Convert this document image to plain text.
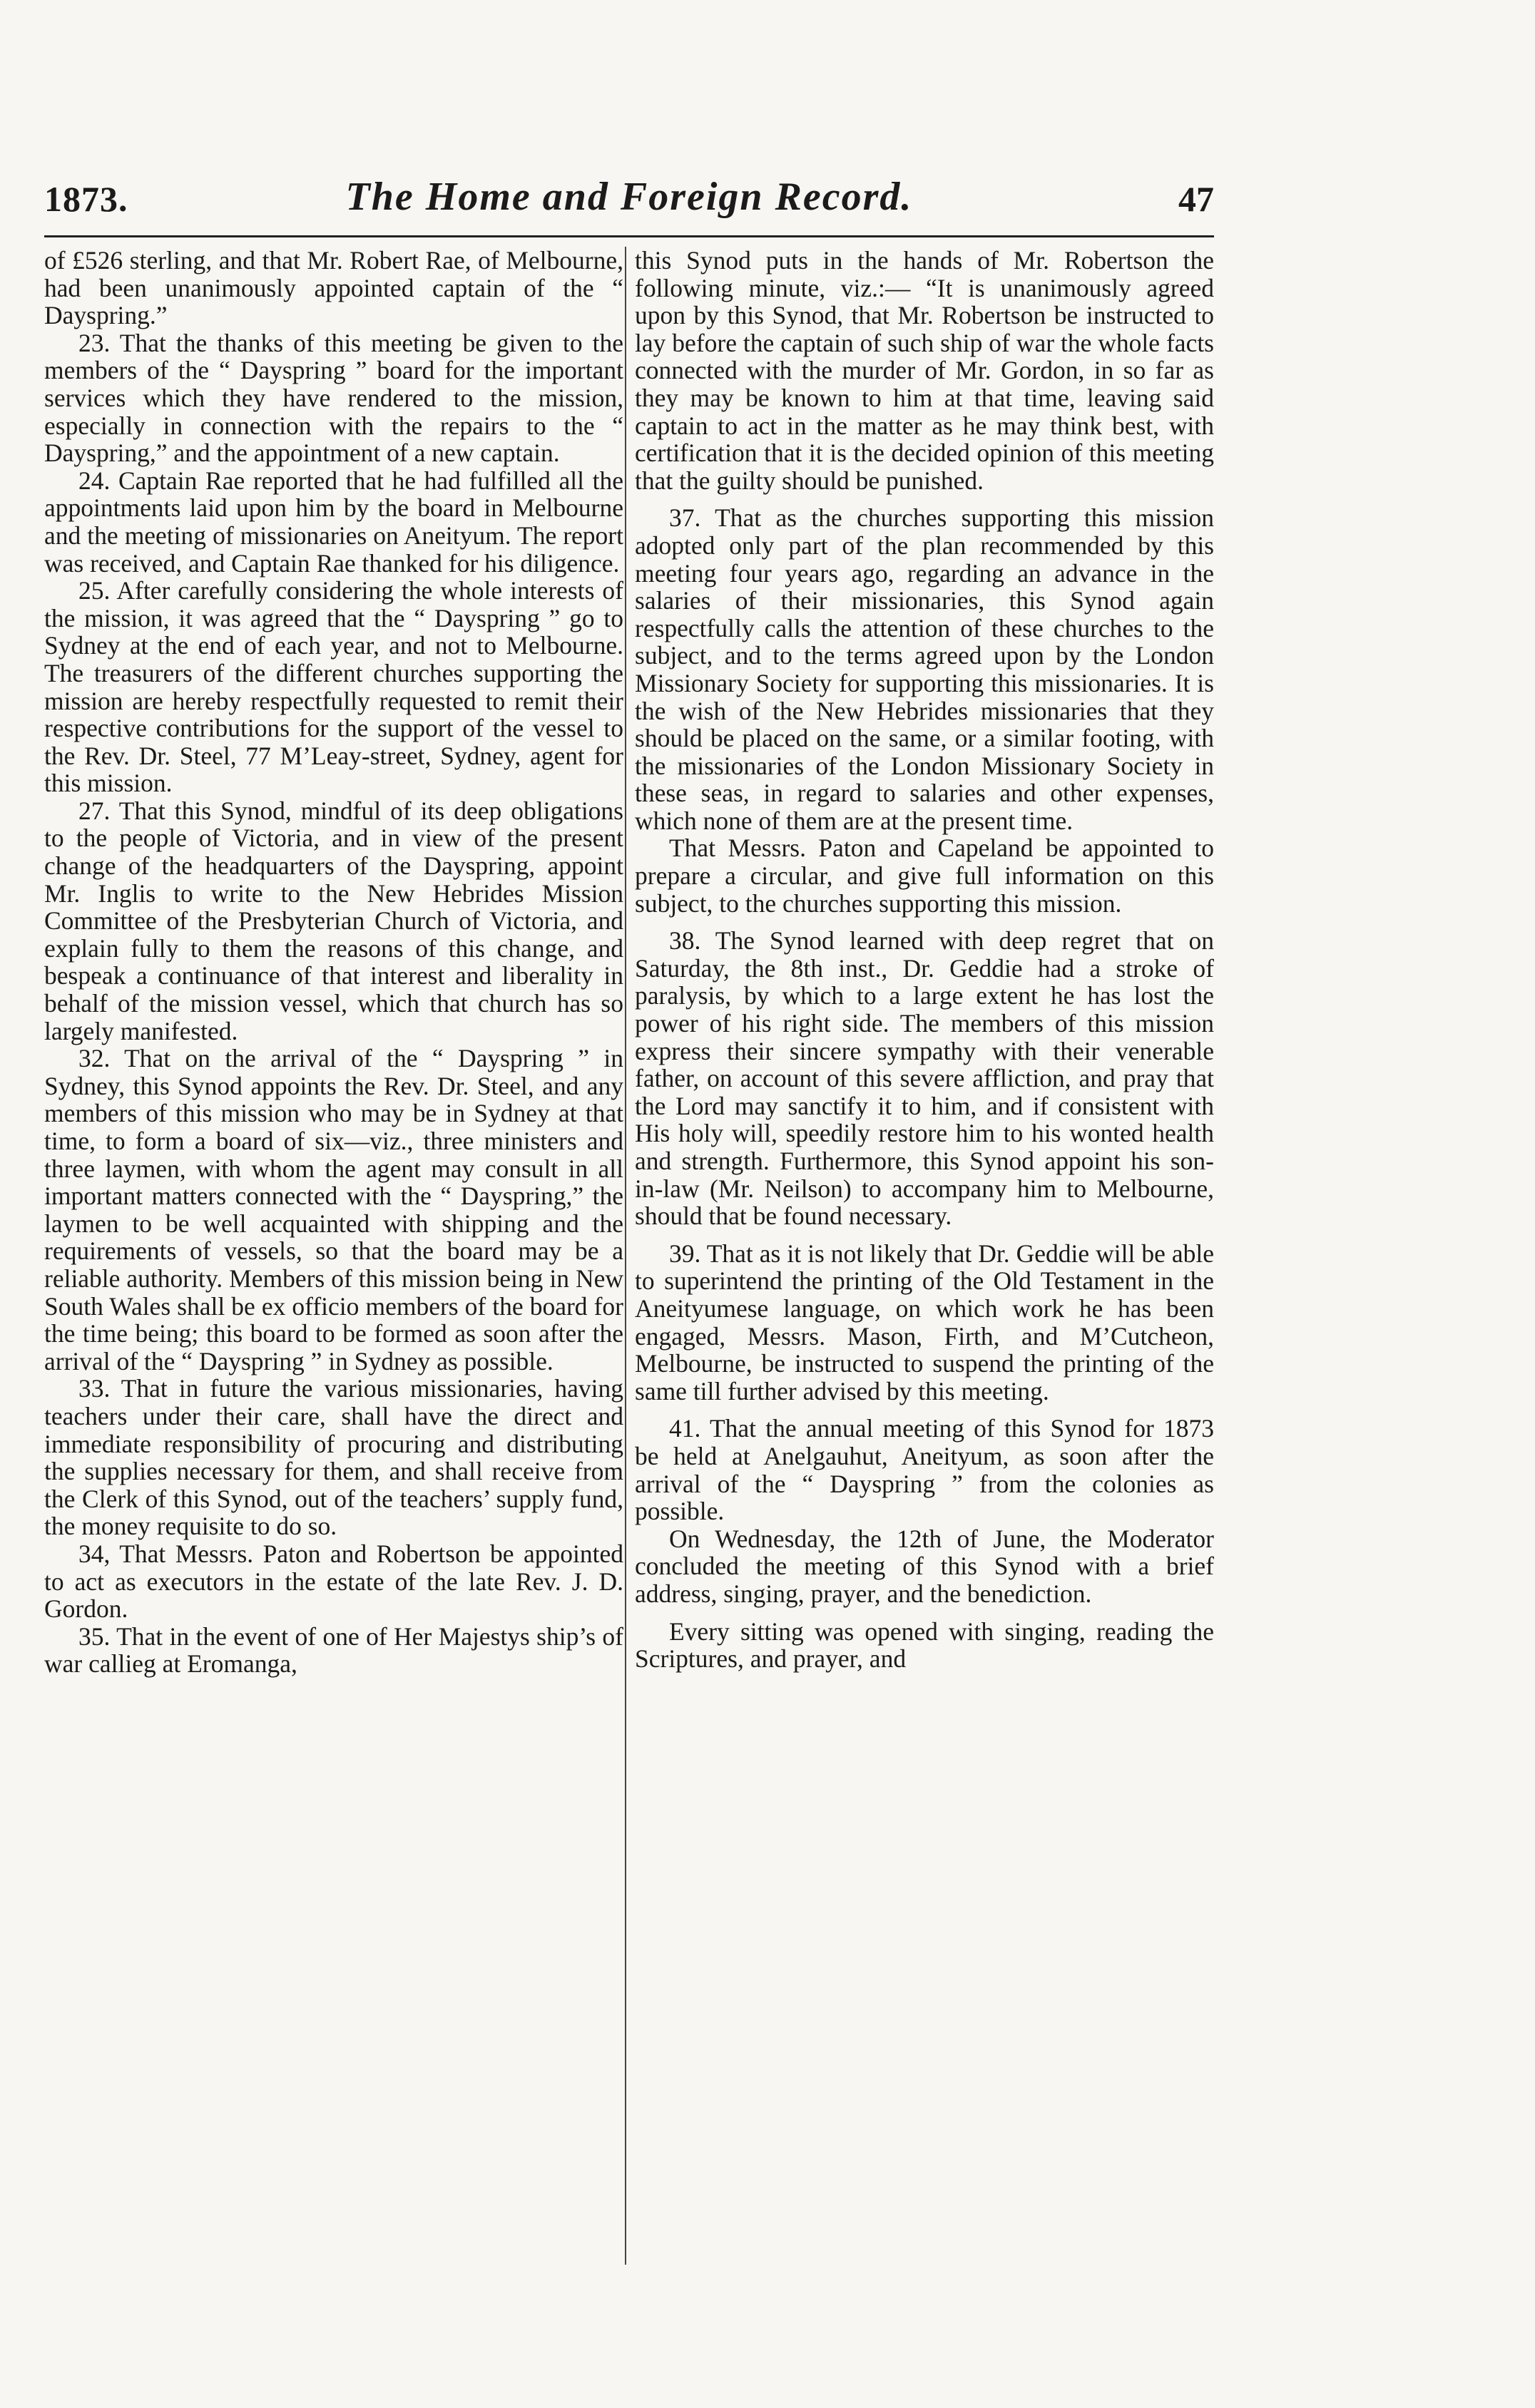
1873.	The Home and Foreign Record.	47

of £526 sterling, and that Mr. Robert Rae, of Melbourne, had been unanimously appointed captain of the “ Dayspring.”

23. That the thanks of this meeting be given to the members of the “ Dayspring ” board for the important services which they have rendered to the mission, especially in connection with the repairs to the “ Dayspring,” and the appointment of a new captain.

24. Captain Rae reported that he had fulfilled all the appointments laid upon him by the board in Melbourne and the meeting of missionaries on Aneityum. The report was received, and Captain Rae thanked for his diligence.

25. After carefully considering the whole interests of the mission, it was agreed that the “ Dayspring ” go to Sydney at the end of each year, and not to Melbourne. The treasurers of the different churches supporting the mission are hereby respectfully requested to remit their respective contributions for the support of the vessel to the Rev. Dr. Steel, 77 M’Leay-street, Sydney, agent for this mission.

27. That this Synod, mindful of its deep obligations to the people of Victoria, and in view of the present change of the headquarters of the Dayspring, appoint Mr. Inglis to write to the New Hebrides Mission Committee of the Presbyterian Church of Victoria, and explain fully to them the reasons of this change, and bespeak a continuance of that interest and liberality in behalf of the mission vessel, which that church has so largely manifested.

32. That on the arrival of the “ Dayspring ” in Sydney, this Synod appoints the Rev. Dr. Steel, and any members of this mission who may be in Sydney at that time, to form a board of six—viz., three ministers and three laymen, with whom the agent may consult in all important matters connected with the “ Dayspring,” the laymen to be well acquainted with shipping and the requirements of vessels, so that the board may be a reliable authority. Members of this mission being in New South Wales shall be ex officio members of the board for the time being; this board to be formed as soon after the arrival of the “ Dayspring ” in Sydney as possible.

33. That in future the various missionaries, having teachers under their care, shall have the direct and immediate responsibility of procuring and distributing the supplies necessary for them, and shall receive from the Clerk of this Synod, out of the teachers’ supply fund, the money requisite to do so.

34, That Messrs. Paton and Robertson be appointed to act as executors in the estate of the late Rev. J. D. Gordon.

35. That in the event of one of Her Majestys ship’s of war callieg at Eromanga,

this Synod puts in the hands of Mr. Robertson the following minute, viz.:— “It is unanimously agreed upon by this Synod, that Mr. Robertson be instructed to lay before the captain of such ship of war the whole facts connected with the murder of Mr. Gordon, in so far as they may be known to him at that time, leaving said captain to act in the matter as he may think best, with certification that it is the decided opinion of this meeting that the guilty should be punished.

37. That as the churches supporting this mission adopted only part of the plan recommended by this meeting four years ago, regarding an advance in the salaries of their missionaries, this Synod again respectfully calls the attention of these churches to the subject, and to the terms agreed upon by the London Missionary Society for supporting this missionaries. It is the wish of the New Hebrides missionaries that they should be placed on the same, or a similar footing, with the missionaries of the London Missionary Society in these seas, in regard to salaries and other expenses, which none of them are at the present time.

That Messrs. Paton and Capeland be appointed to prepare a circular, and give full information on this subject, to the churches supporting this mission.

38. The Synod learned with deep regret that on Saturday, the 8th inst., Dr. Geddie had a stroke of paralysis, by which to a large extent he has lost the power of his right side. The members of this mission express their sincere sympathy with their venerable father, on account of this severe affliction, and pray that the Lord may sanctify it to him, and if consistent with His holy will, speedily restore him to his wonted health and strength. Furthermore, this Synod appoint his son-in-law (Mr. Neilson) to accompany him to Melbourne, should that be found necessary.

39. That as it is not likely that Dr. Geddie will be able to superintend the printing of the Old Testament in the Aneityumese language, on which work he has been engaged, Messrs. Mason, Firth, and M’Cutcheon, Melbourne, be instructed to suspend the printing of the same till further advised by this meeting.

41. That the annual meeting of this Synod for 1873 be held at Anelgauhut, Aneityum, as soon after the arrival of the “ Dayspring ” from the colonies as possible.

On Wednesday, the 12th of June, the Moderator concluded the meeting of this Synod with a brief address, singing, prayer, and the benediction.

Every sitting was opened with singing, reading the Scriptures, and prayer, and
